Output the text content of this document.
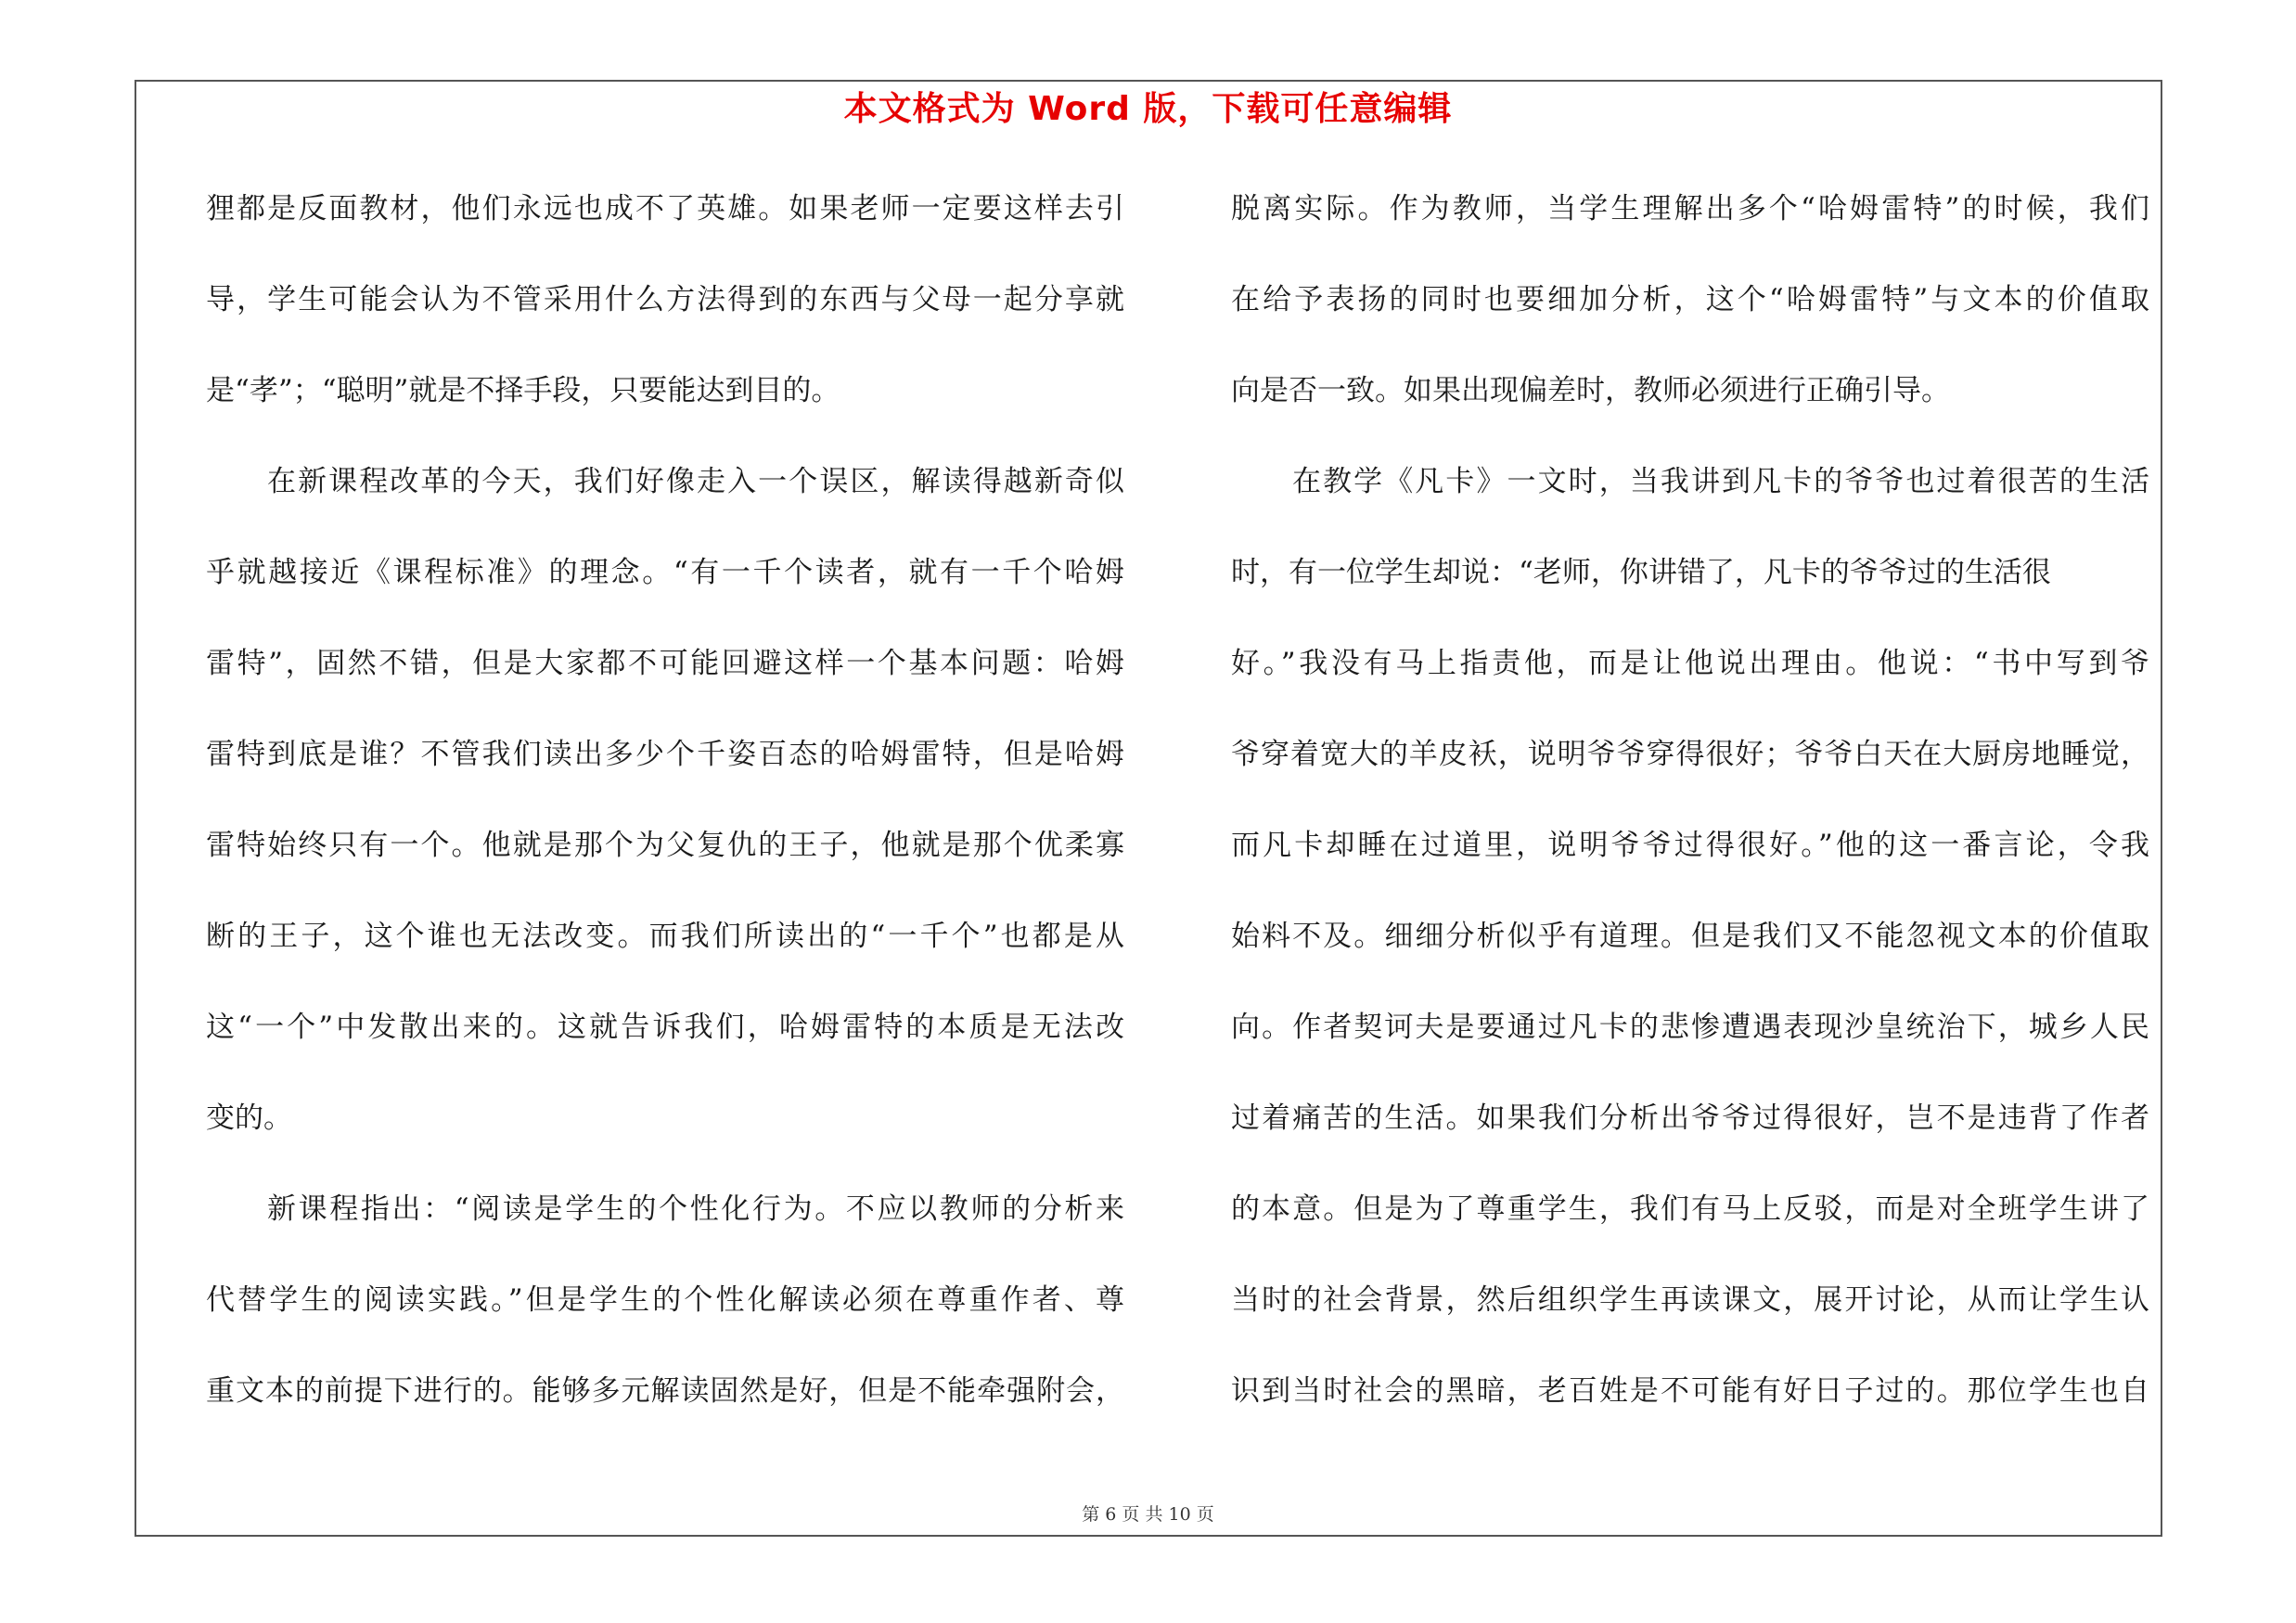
本文格式为 Word 版，下载可任意编辑
狸都是反面教材，他们永远也成不了英雄。如果老师一定要这样去引
导，学生可能会认为不管采用什么方法得到的东西与父母一起分享就
是“孝”；“聪明”就是不择手段，只要能达到目的。
在新课程改革的今天，我们好像走入一个误区，解读得越新奇似
乎就越接近《课程标准》的理念。“有一千个读者，就有一千个哈姆
雷特”，固然不错，但是大家都不可能回避这样一个基本问题：哈姆
雷特到底是谁？不管我们读出多少个千姿百态的哈姆雷特，但是哈姆
雷特始终只有一个。他就是那个为父复仇的王子，他就是那个优柔寡
断的王子，这个谁也无法改变。而我们所读出的“一千个”也都是从
这“一个”中发散出来的。这就告诉我们，哈姆雷特的本质是无法改
变的。
新课程指出：“阅读是学生的个性化行为。不应以教师的分析来
代替学生的阅读实践。”但是学生的个性化解读必须在尊重作者、尊
重文本的前提下进行的。能够多元解读固然是好，但是不能牵强附会，
脱离实际。作为教师，当学生理解出多个“哈姆雷特”的时候，我们
在给予表扬的同时也要细加分析，这个“哈姆雷特”与文本的价值取
向是否一致。如果出现偏差时，教师必须进行正确引导。
在教学《凡卡》一文时，当我讲到凡卡的爷爷也过着很苦的生活
时，有一位学生却说：“老师，你讲错了，凡卡的爷爷过的生活很
好。”我没有马上指责他，而是让他说出理由。他说：“书中写到爷
爷穿着宽大的羊皮袄，说明爷爷穿得很好；爷爷白天在大厨房地睡觉，
而凡卡却睡在过道里，说明爷爷过得很好。”他的这一番言论，令我
始料不及。细细分析似乎有道理。但是我们又不能忽视文本的价值取
向。作者契诃夫是要通过凡卡的悲惨遭遇表现沙皇统治下，城乡人民
过着痛苦的生活。如果我们分析出爷爷过得很好，岂不是违背了作者
的本意。但是为了尊重学生，我们有马上反驳，而是对全班学生讲了
当时的社会背景，然后组织学生再读课文，展开讨论，从而让学生认
识到当时社会的黑暗，老百姓是不可能有好日子过的。那位学生也自
第 6 页 共 10 页
